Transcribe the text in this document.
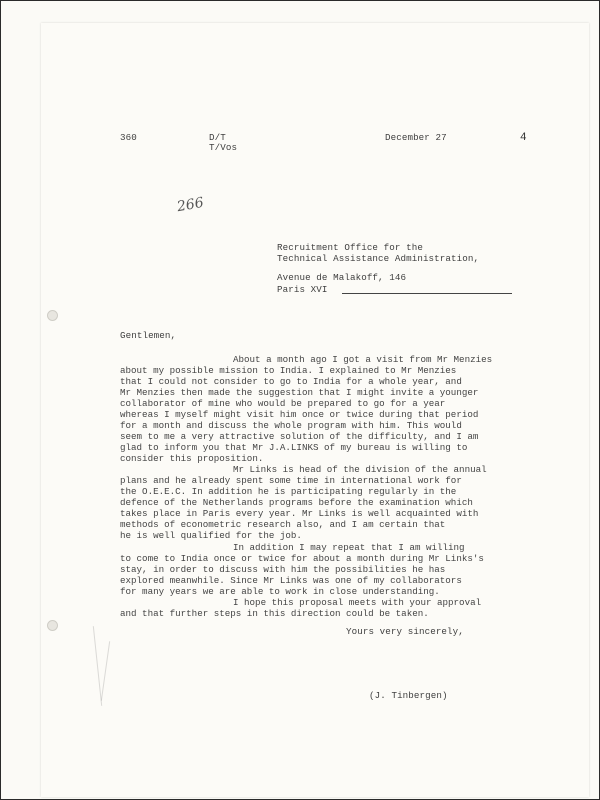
360	D/T
T/Vos
December 27	4
266
Recruitment Office for the
Technical Assistance Administration,
Avenue de Malakoff, 146
Paris XVI
Gentlemen,
About a month ago I got a visit from Mr Menzies
about my possible mission to India. I explained to Mr Menzies
that I could not consider to go to India for a whole year, and
Mr Menzies then made the suggestion that I might invite a younger
collaborator of mine who would be prepared to go for a year
whereas I myself might visit him once or twice during that period
for a month and discuss the whole program with him. This would
seem to me a very attractive solution of the difficulty, and I am
glad to inform you that Mr J.A.LINKS of my bureau is willing to
consider this proposition.
Mr Links is head of the division of the annual
plans and he already spent some time in international work for
the O.E.E.C. In addition he is participating regularly in the
defence of the Netherlands programs before the examination which
takes place in Paris every year. Mr Links is well acquainted with
methods of econometric research also, and I am certain that
he is well qualified for the job.
In addition I may repeat that I am willing
to come to India once or twice for about a month during Mr Links's
stay, in order to discuss with him the possibilities he has
explored meanwhile. Since Mr Links was one of my collaborators
for many years we are able to work in close understanding.
I hope this proposal meets with your approval
and that further steps in this direction could be taken.
Yours very sincerely,
(J. Tinbergen)
